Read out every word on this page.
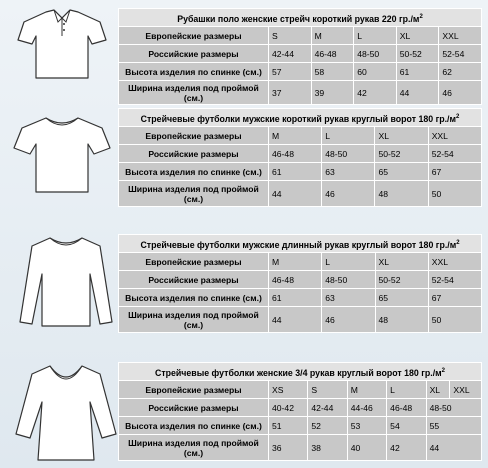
Рубашки поло женские стрейч короткий рукав 220 $гр./м^2$
Европейские размеры	S	M	L	XL	XXL
Российские размеры	42-44	46-48	48-50	50-52	52-54
Высота изделия по спинке (см.)	57	58	60	61	62
Ширина изделия под проймой (см.)	37	39	42	44	46
Стрейчевые футболки мужские короткий рукав круглый ворот 180 $гр./м^2$
Европейские размеры	M	L	XL	XXL
Российские размеры	46-48	48-50	50-52	52-54
Высота изделия по спинке (см.)	61	63	65	67
Ширина изделия под проймой (см.)	44	46	48	50
Стрейчевые футболки мужские длинный рукав круглый ворот 180 $гр./м^2$
Европейские размеры	M	L	XL	XXL
Российские размеры	46-48	48-50	50-52	52-54
Высота изделия по спинке (см.)	61	63	65	67
Ширина изделия под проймой (см.)	44	46	48	50
Стрейчевые футболки женские 3/4 рукав круглый ворот 180 $гр./м^2$
Европейские размеры	XS	S	M	L	XL	XXL
Российские размеры	40-42	42-44	44-46	46-48	48-50	
Высота изделия по спинке (см.)	51	52	53	54	55	
Ширина изделия под проймой (см.)	36	38	40	42	44	
